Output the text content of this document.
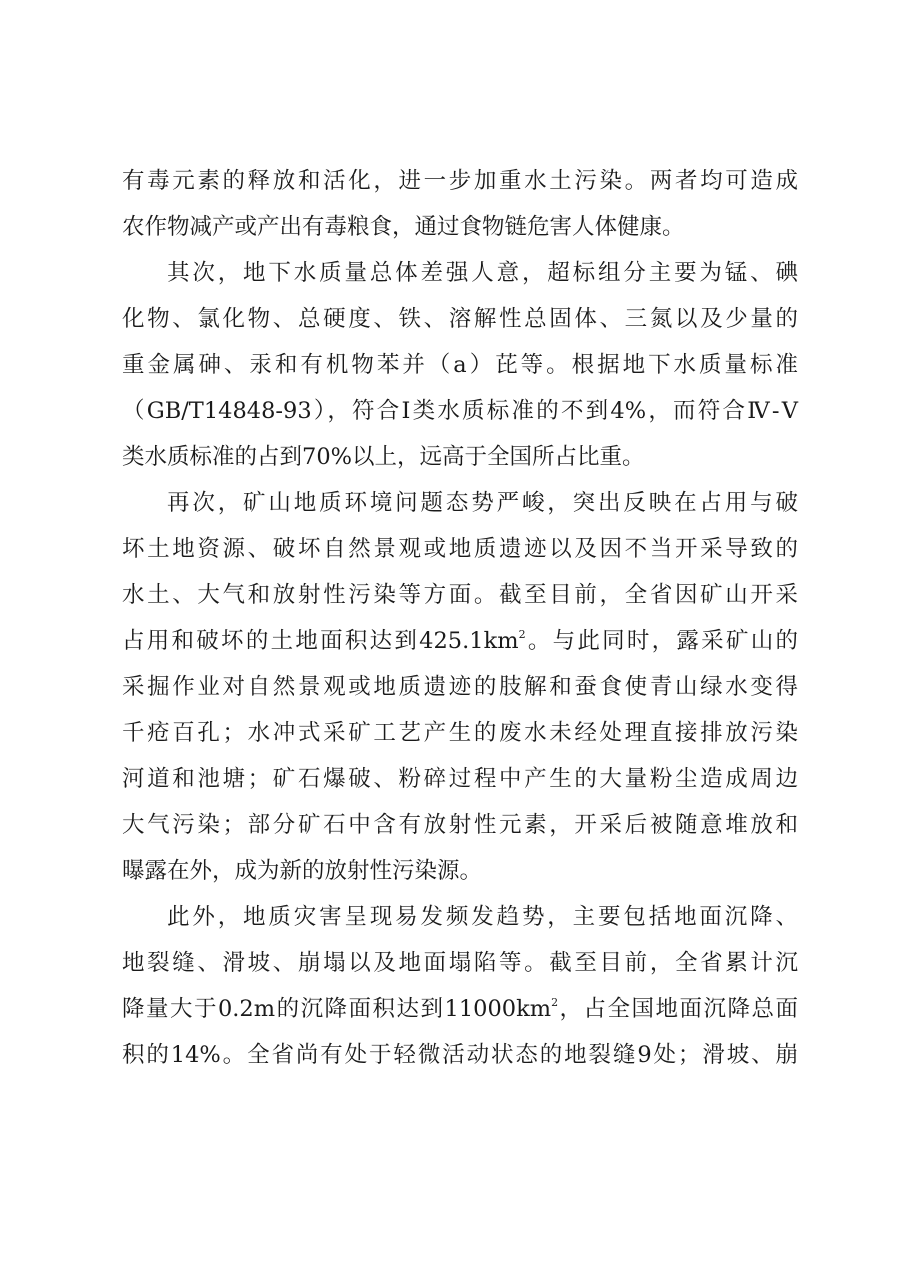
有毒元素的释放和活化，进一步加重水土污染。两者均可造成
农作物减产或产出有毒粮食，通过食物链危害人体健康。
其次，地下水质量总体差强人意，超标组分主要为锰、碘
化物、氯化物、总硬度、铁、溶解性总固体、三氮以及少量的
重金属砷、汞和有机物苯并（a）芘等。根据地下水质量标准
（GB/T14848-93），符合Ⅰ类水质标准的不到4%，而符合Ⅳ-Ⅴ
类水质标准的占到70%以上，远高于全国所占比重。
再次，矿山地质环境问题态势严峻，突出反映在占用与破
坏土地资源、破坏自然景观或地质遗迹以及因不当开采导致的
水土、大气和放射性污染等方面。截至目前，全省因矿山开采
占用和破坏的土地面积达到$425.1km^2$。与此同时，露采矿山的
采掘作业对自然景观或地质遗迹的肢解和蚕食使青山绿水变得
千疮百孔；水冲式采矿工艺产生的废水未经处理直接排放污染
河道和池塘；矿石爆破、粉碎过程中产生的大量粉尘造成周边
大气污染；部分矿石中含有放射性元素，开采后被随意堆放和
曝露在外，成为新的放射性污染源。
此外，地质灾害呈现易发频发趋势，主要包括地面沉降、
地裂缝、滑坡、崩塌以及地面塌陷等。截至目前，全省累计沉
降量大于0.2m的沉降面积达到$11000km^2$，占全国地面沉降总面
积的14%。全省尚有处于轻微活动状态的地裂缝9处；滑坡、崩
